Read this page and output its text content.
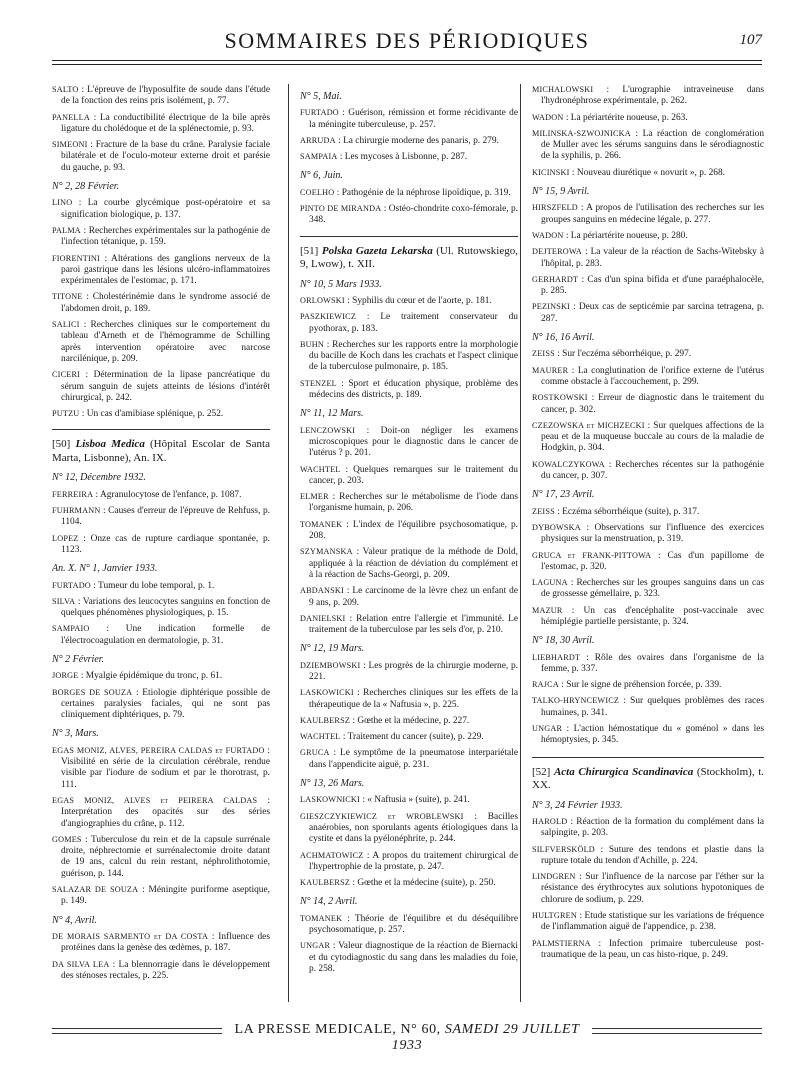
SOMMAIRES DES PÉRIODIQUES	107
SALTO : L'épreuve de l'hyposulfite de soude dans l'étude de la fonction des reins pris isolément, p. 77.
PANELLA : La conductibilité électrique de la bile après ligature du cholédoque et de la splénectomie, p. 93.
SIMEONI : Fracture de la base du crâne. Paralysie faciale bilatérale et de l'oculo-moteur externe droit et parésie du gauche, p. 93.
N° 2, 28 Février.
LINO : La courbe glycémique post-opératoire et sa signification biologique, p. 137.
PALMA : Recherches expérimentales sur la pathogénie de l'infection tétanique, p. 159.
FIORENTINI : Altérations des ganglions nerveux de la paroi gastrique dans les lésions ulcéro-inflammatoires expérimentales de l'estomac, p. 171.
TITONE : Cholestérinémie dans le syndrome associé de l'abdomen droit, p. 189.
SALICI : Recherches cliniques sur le comportement du tableau d'Arneth et de l'hémogramme de Schilling après intervention opératoire avec narcose narcilénique, p. 209.
CICERI : Détermination de la lipase pancréatique du sérum sanguin de sujets atteints de lésions d'intérêt chirurgical, p. 242.
PUTZU : Un cas d'amibiase splénique, p. 252.
[50] Lisboa Medica (Hôpital Escolar de Santa Marta, Lisbonne), An. IX.
N° 12, Décembre 1932.
FERREIRA : Agranulocytose de l'enfance, p. 1087.
FUHRMANN : Causes d'erreur de l'épreuve de Rehfuss, p. 1104.
LOPEZ : Onze cas de rupture cardiaque spontanée, p. 1123.
An. X. N° 1, Janvier 1933.
FURTADO : Tumeur du lobe temporal, p. 1.
SILVA : Variations des leucocytes sanguins en fonction de quelques phénomènes physiologiques, p. 15.
SAMPAIO : Une indication formelle de l'électrocoagulation en dermatologie, p. 31.
N° 2 Février.
JORGE : Myalgie épidémique du tronc, p. 61.
BORGES DE SOUZA : Etiologie diphtérique possible de certaines paralysies faciales, qui ne sont pas cliniquement diphtériques, p. 79.
N° 3, Mars.
EGAS MONIZ, ALVES, PEREIRA CALDAS et FURTADO : Visibilité en série de la circulation cérébrale, rendue visible par l'iodure de sodium et par le thorotrast, p. 111.
EGAS MONIZ, ALVES et PEIRERA CALDAS : Interprétation des opacités sur des séries d'angiographies du crâne, p. 112.
GOMES : Tuberculose du rein et de la capsule surrénale droite, néphrectomie et surrénalectomie droite datant de 19 ans, calcul du rein restant, néphrolithotomie, guérison, p. 144.
SALAZAR DE SOUZA : Méningite puriforme aseptique, p. 149.
N° 4, Avril.
DE MORAIS SARMENTO et DA COSTA : Influence des protéines dans la genèse des œdèmes, p. 187.
DA SILVA LEA : La blennorragie dans le développement des sténoses rectales, p. 225.
N° 5, Mai.
FURTADO : Guérison, rémission et forme récidivante de la méningite tuberculeuse, p. 257.
ARRUDA : La chirurgie moderne des panaris, p. 279.
SAMPAIA : Les mycoses à Lisbonne, p. 287.
N° 6, Juin.
COELHO : Pathogénie de la néphrose lipoïdique, p. 319.
PINTO DE MIRANDA : Ostéo-chondrite coxo-fémorale, p. 348.
[51] Polska Gazeta Lekarska (Ul. Rutowskiego, 9, Lwow), t. XII.
N° 10, 5 Mars 1933.
ORLOWSKI : Syphilis du cœur et de l'aorte, p. 181.
PASZKIEWICZ : Le traitement conservateur du pyothorax, p. 183.
BUHN : Recherches sur les rapports entre la morphologie du bacille de Koch dans les crachats et l'aspect clinique de la tuberculose pulmonaire, p. 185.
STENZEL : Sport et éducation physique, problème des médecins des districts, p. 189.
N° 11, 12 Mars.
LENCZOWSKI : Doit-on négliger les examens microscopiques pour le diagnostic dans le cancer de l'utérus ? p. 201.
WACHTEL : Quelques remarques sur le traitement du cancer, p. 203.
ELMER : Recherches sur le métabolisme de l'iode dans l'organisme humain, p. 206.
TOMANEK : L'index de l'équilibre psychosomatique, p. 208.
SZYMANSKA : Valeur pratique de la méthode de Dold, appliquée à la réaction de déviation du complément et à la réaction de Sachs-Georgi, p. 209.
ABDANSKI : Le carcinome de la lèvre chez un enfant de 9 ans, p. 209.
DANIELSKI : Relation entre l'allergie et l'immunité. Le traitement de la tuberculose par les sels d'or, p. 210.
N° 12, 19 Mars.
DZIEMBOWSKI : Les progrès de la chirurgie moderne, p. 221.
LASKOWICKI : Recherches cliniques sur les effets de la thérapeutique de la « Naftusia », p. 225.
KAULBERSZ : Gœthe et la médecine, p. 227.
WACHTEL : Traitement du cancer (suite), p. 229.
GRUCA : Le symptôme de la pneumatose interpariétale dans l'appendicite aiguë, p. 231.
N° 13, 26 Mars.
LASKOWNICKI : « Naftusia » (suite), p. 241.
GIESZCZYKIEWICZ et WROBLEWSKI : Bacilles anaérobies, non sporulants agents étiologiques dans la cystite et dans la pyélonéphrite, p. 244.
ACHMATOWICZ : A propos du traitement chirurgical de l'hypertrophie de la prostate, p. 247.
KAULBERSZ : Gœthe et la médecine (suite), p. 250.
N° 14, 2 Avril.
TOMANEK : Théorie de l'équilibre et du déséquilibre psychosomatique, p. 257.
UNGAR : Valeur diagnostique de la réaction de Biernacki et du cytodiagnostic du sang dans les maladies du foie, p. 258.
MICHALOWSKI : L'urographie intraveineuse dans l'hydronéphrose expérimentale, p. 262.
WADON : La périartérite noueuse, p. 263.
MILINSKA-SZWOJNICKA : La réaction de conglomération de Muller avec les sérums sanguins dans le sérodiagnostic de la syphilis, p. 266.
KICINSKI : Nouveau diurétique « novurit », p. 268.
N° 15, 9 Avril.
HIRSZFELD : A propos de l'utilisation des recherches sur les groupes sanguins en médecine légale, p. 277.
WADON : La périartérite noueuse, p. 280.
DEJTEROWA : La valeur de la réaction de Sachs-Witebsky à l'hôpital, p. 283.
GERHARDT : Cas d'un spina bifida et d'une paraéphalocèle, p. 285.
PEZINSKI : Deux cas de septicémie par sarcina tetragena, p. 287.
N° 16, 16 Avril.
ZEISS : Sur l'eczéma séborrhéique, p. 297.
MAURER : La conglutination de l'orifice externe de l'utérus comme obstacle à l'accouchement, p. 299.
ROSTKOWSKI : Erreur de diagnostic dans le traitement du cancer, p. 302.
CZEZOWSKA et MICHZECKI : Sur quelques affections de la peau et de la muqueuse buccale au cours de la maladie de Hodgkin, p. 304.
KOWALCZYKOWA : Recherches récentes sur la pathogénie du cancer, p. 307.
N° 17, 23 Avril.
ZEISS : Eczéma séborrhéique (suite), p. 317.
DYBOWSKA : Observations sur l'influence des exercices physiques sur la menstruation, p. 319.
GRUCA et FRANK-PITTOWA : Cas d'un papillome de l'estomac, p. 320.
LAGUNA : Recherches sur les groupes sanguins dans un cas de grossesse gémellaire, p. 323.
MAZUR : Un cas d'encéphalite post-vaccinale avec hémiplégie partielle persistante, p. 324.
N° 18, 30 Avril.
LIEBHARDT : Rôle des ovaires dans l'organisme de la femme, p. 337.
RAJCA : Sur le signe de préhension forcée, p. 339.
TALKO-HRYNCEWICZ : Sur quelques problèmes des races humaines, p. 341.
UNGAR : L'action hémostatique du « goménol » dans les hémoptysies, p. 345.
[52] Acta Chirurgica Scandinavica (Stockholm), t. XX.
N° 3, 24 Février 1933.
HAROLD : Réaction de la formation du complément dans la salpingite, p. 203.
SILFVERSKÖLD : Suture des tendons et plastie dans la rupture totale du tendon d'Achille, p. 224.
LINDGREN : Sur l'influence de la narcose par l'éther sur la résistance des érythrocytes aux solutions hypotoniques de chlorure de sodium, p. 229.
HULTGREN : Etude statistique sur les variations de fréquence de l'inflammation aiguë de l'appendice, p. 238.
PALMSTIERNA : Infection primaire tuberculeuse post-traumatique de la peau, un cas histo-rique, p. 249.
LA PRESSE MEDICALE, N° 60, SAMEDI 29 JUILLET 1933
